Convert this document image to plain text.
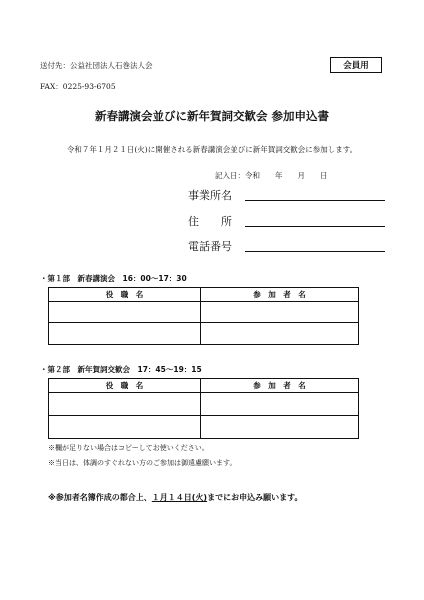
送付先：公益社団法人石巻法人会	会員用
FAX：0225-93-6705
新春講演会並びに新年賀詞交歓会 参加申込書
令和７年１月２１日(火)に開催される新春講演会並びに新年賀詞交歓会に参加します。
記入日：令和　　年　　月　　日
事業所名
住　　所
電話番号
・第１部　新春講演会　16：00～17：30
役　職　名	参　加　者　名

・第２部　新年賀詞交歓会　17：45～19：15
役　職　名	参　加　者　名

※欄が足りない場合はコピーしてお使いください。
※当日は、体調のすぐれない方のご参加は御遠慮願います。
※参加者名簿作成の都合上、１月１４日(火)までにお申込み願います。
